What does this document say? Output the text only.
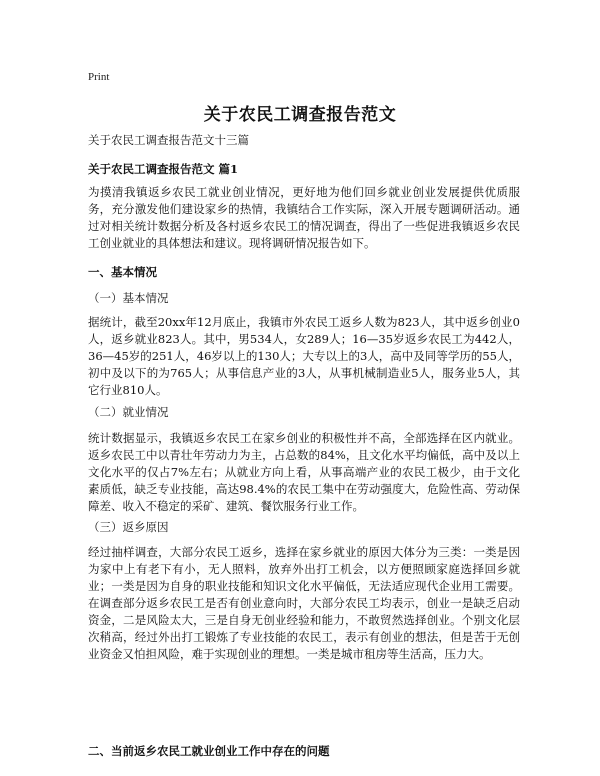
Print
关于农民工调查报告范文
关于农民工调查报告范文十三篇
关于农民工调查报告范文 篇1

为摸清我镇返乡农民工就业创业情况，更好地为他们回乡就业创业发展提供优质服务，充分激发他们建设家乡的热情，我镇结合工作实际，深入开展专题调研活动。通过对相关统计数据分析及各村返乡农民工的情况调查，得出了一些促进我镇返乡农民工创业就业的具体想法和建议。现将调研情况报告如下。

一、基本情况
（一）基本情况

据统计，截至20xx年12月底止，我镇市外农民工返乡人数为823人，其中返乡创业0人，返乡就业823人。其中，男534人，女289人；16—35岁返乡农民工为442人，36—45岁的251人，46岁以上的130人；大专以上的3人，高中及同等学历的55人，初中及以下的为765人；从事信息产业的3人，从事机械制造业5人，服务业5人，其它行业810人。

（二）就业情况

统计数据显示，我镇返乡农民工在家乡创业的积极性并不高，全部选择在区内就业。返乡农民工中以青壮年劳动力为主，占总数的84%，且文化水平均偏低，高中及以上文化水平的仅占7%左右；从就业方向上看，从事高端产业的农民工极少，由于文化素质低，缺乏专业技能，高达98.4%的农民工集中在劳动强度大，危险性高、劳动保障差、收入不稳定的采矿、建筑、餐饮服务行业工作。

（三）返乡原因

经过抽样调查，大部分农民工返乡，选择在家乡就业的原因大体分为三类：一类是因为家中上有老下有小，无人照料，放弃外出打工机会，以方便照顾家庭选择回乡就业；一类是因为自身的职业技能和知识文化水平偏低，无法适应现代企业用工需要。在调查部分返乡农民工是否有创业意向时，大部分农民工均表示，创业一是缺乏启动资金，二是风险太大，三是自身无创业经验和能力，不敢贸然选择创业。个别文化层次稍高，经过外出打工锻炼了专业技能的农民工，表示有创业的想法，但是苦于无创业资金又怕担风险，难于实现创业的理想。一类是城市租房等生活高，压力大。

二、当前返乡农民工就业创业工作中存在的问题
